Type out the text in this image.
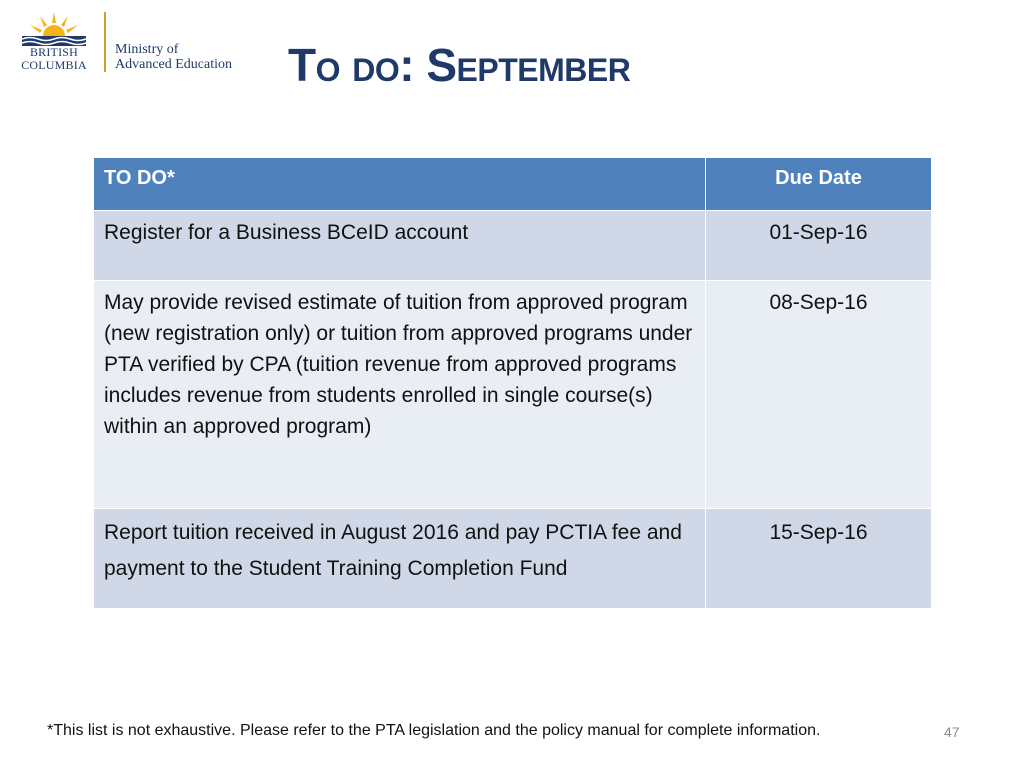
BRITISH
COLUMBIA
Ministry of
Advanced Education To do: September
TO DO*	Due Date
Register for a Business BCeID account	01-Sep-16
May provide revised estimate of tuition from approved program (new registration only) or tuition from approved programs under PTA verified by CPA (tuition revenue from approved programs includes revenue from students enrolled in single course(s) within an approved program)	08-Sep-16
Report tuition received in August 2016 and pay PCTIA fee and payment to the Student Training Completion Fund	15-Sep-16
*This list is not exhaustive. Please refer to the PTA legislation and the policy manual for complete information.	47
